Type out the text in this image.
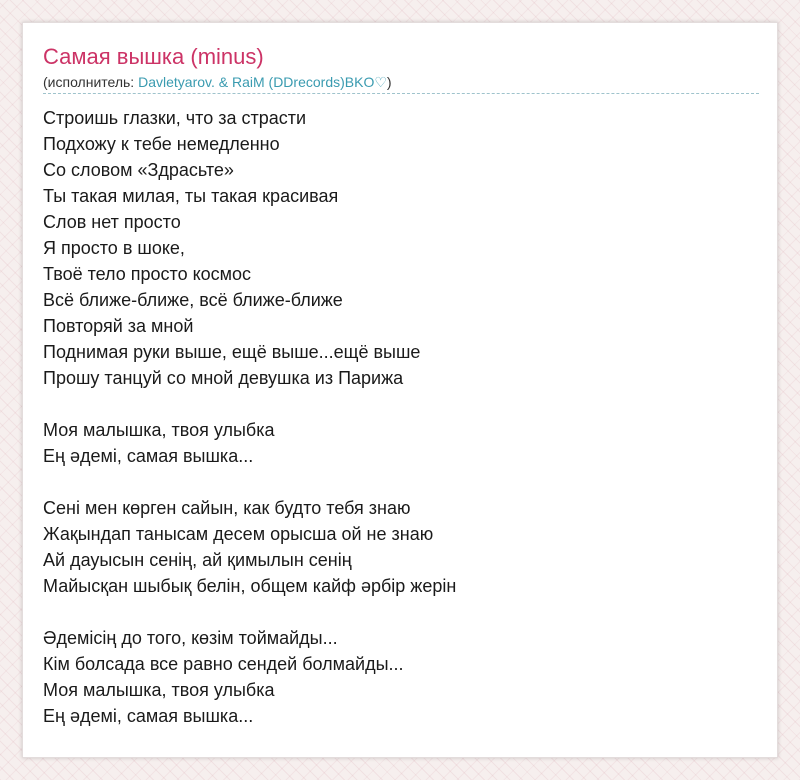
Самая вышка (minus)
(исполнитель: Davletyarov. & RaiM (DDrecords)BKO♡)
Строишь глазки, что за страсти
Подхожу к тебе немедленно
Со словом «Здрасьте»
Ты такая милая, ты такая красивая
Слов нет просто
Я просто в шоке,
Твоё тело просто космос
Всё ближе-ближе, всё ближе-ближе
Повторяй за мной
Поднимая руки выше, ещё выше...ещё выше
Прошу танцуй со мной девушка из Парижа
Моя малышка, твоя улыбка
Ең әдемі, самая вышка...
Сені мен көрген сайын, как будто тебя знаю
Жақындап танысам десем орысша ой не знаю
Ай дауысын сенің, ай қимылын сенің
Майысқан шыбық белін, общем кайф әрбір жерін
Әдемісің до того, көзім тоймайды...
Кім болсада все равно сендей болмайды...
Моя малышка, твоя улыбка
Ең әдемі, самая вышка...
